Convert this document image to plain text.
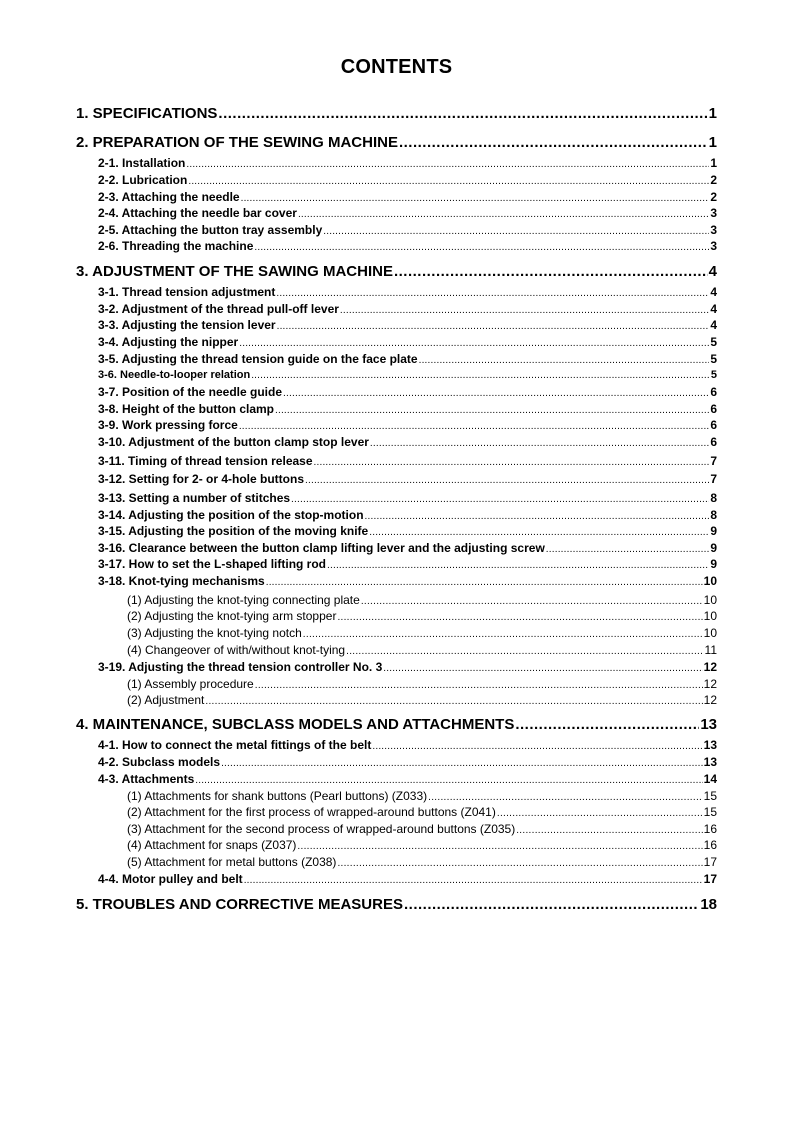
CONTENTS
1. SPECIFICATIONS .....	1
2. PREPARATION OF THE SEWING MACHINE .....	1
2-1. Installation .....	1
2-2. Lubrication .....	2
2-3. Attaching the needle .....	2
2-4. Attaching the needle bar cover .....	3
2-5. Attaching the button tray assembly .....	3
2-6. Threading the machine .....	3
3. ADJUSTMENT OF THE SAWING MACHINE .....	4
3-1. Thread tension adjustment .....	4
3-2. Adjustment of the thread pull-off lever .....	4
3-3. Adjusting the tension lever .....	4
3-4. Adjusting the nipper .....	5
3-5. Adjusting the thread tension guide on the face plate .....	5
3-6. Needle-to-looper relation .....	5
3-7. Position of the needle guide .....	6
3-8. Height of the button clamp .....	6
3-9. Work pressing force .....	6
3-10. Adjustment of the button clamp stop lever .....	6
3-11. Timing of thread tension release .....	7
3-12. Setting for 2- or 4-hole buttons .....	7
3-13. Setting a number of stitches .....	8
3-14. Adjusting the position of the stop-motion .....	8
3-15. Adjusting the position of the moving knife .....	9
3-16. Clearance between the button clamp lifting lever and the adjusting screw .....	9
3-17. How to set the L-shaped lifting rod .....	9
3-18. Knot-tying mechanisms .....	10
(1) Adjusting the knot-tying connecting plate .....	10
(2) Adjusting the knot-tying arm stopper .....	10
(3) Adjusting the knot-tying notch .....	10
(4) Changeover of with/without knot-tying .....	11
3-19. Adjusting the thread tension controller No. 3 .....	12
(1) Assembly procedure .....	12
(2) Adjustment .....	12
4. MAINTENANCE, SUBCLASS MODELS AND ATTACHMENTS .....	13
4-1. How to connect the metal fittings of the belt .....	13
4-2. Subclass models .....	13
4-3. Attachments .....	14
(1) Attachments for shank buttons (Pearl buttons) (Z033) .....	15
(2) Attachment for the first process of wrapped-around buttons (Z041) .....	15
(3) Attachment for the second process of wrapped-around buttons (Z035) .....	16
(4) Attachment for snaps (Z037) .....	16
(5) Attachment for metal buttons (Z038) .....	17
4-4. Motor pulley and belt .....	17
5. TROUBLES AND CORRECTIVE MEASURES .....	18
